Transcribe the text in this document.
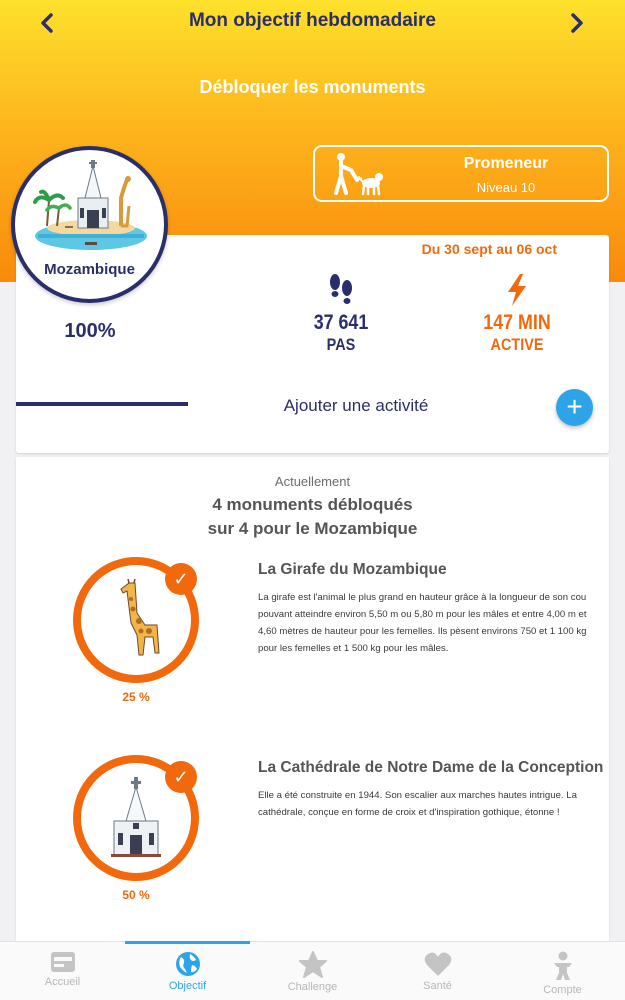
Mon objectif hebdomadaire
Débloquer les monuments
Promeneur
Niveau 10
Du 30 sept au 06 oct
37 641
PAS
147 MIN
ACTIVE
Ajouter une activité
Mozambique
100%
+
Actuellement
4 monuments débloqués
sur 4 pour le Mozambique
✓
25 %
La Girafe du Mozambique
La girafe est l'animal le plus grand en hauteur grâce à la longueur de son cou pouvant atteindre environ 5,50 m ou 5,80 m pour les mâles et entre 4,00 m et 4,60 mètres de hauteur pour les femelles. Ils pèsent environs 750 et 1 100 kg pour les femelles et 1 500 kg pour les mâles.
✓
50 %
La Cathédrale de Notre Dame de la Conception
Elle a été construite en 1944. Son escalier aux marches hautes intrigue. La cathédrale, conçue en forme de croix et d'inspiration gothique, étonne !
Accueil	Objectif	Challenge	Santé	Compte
